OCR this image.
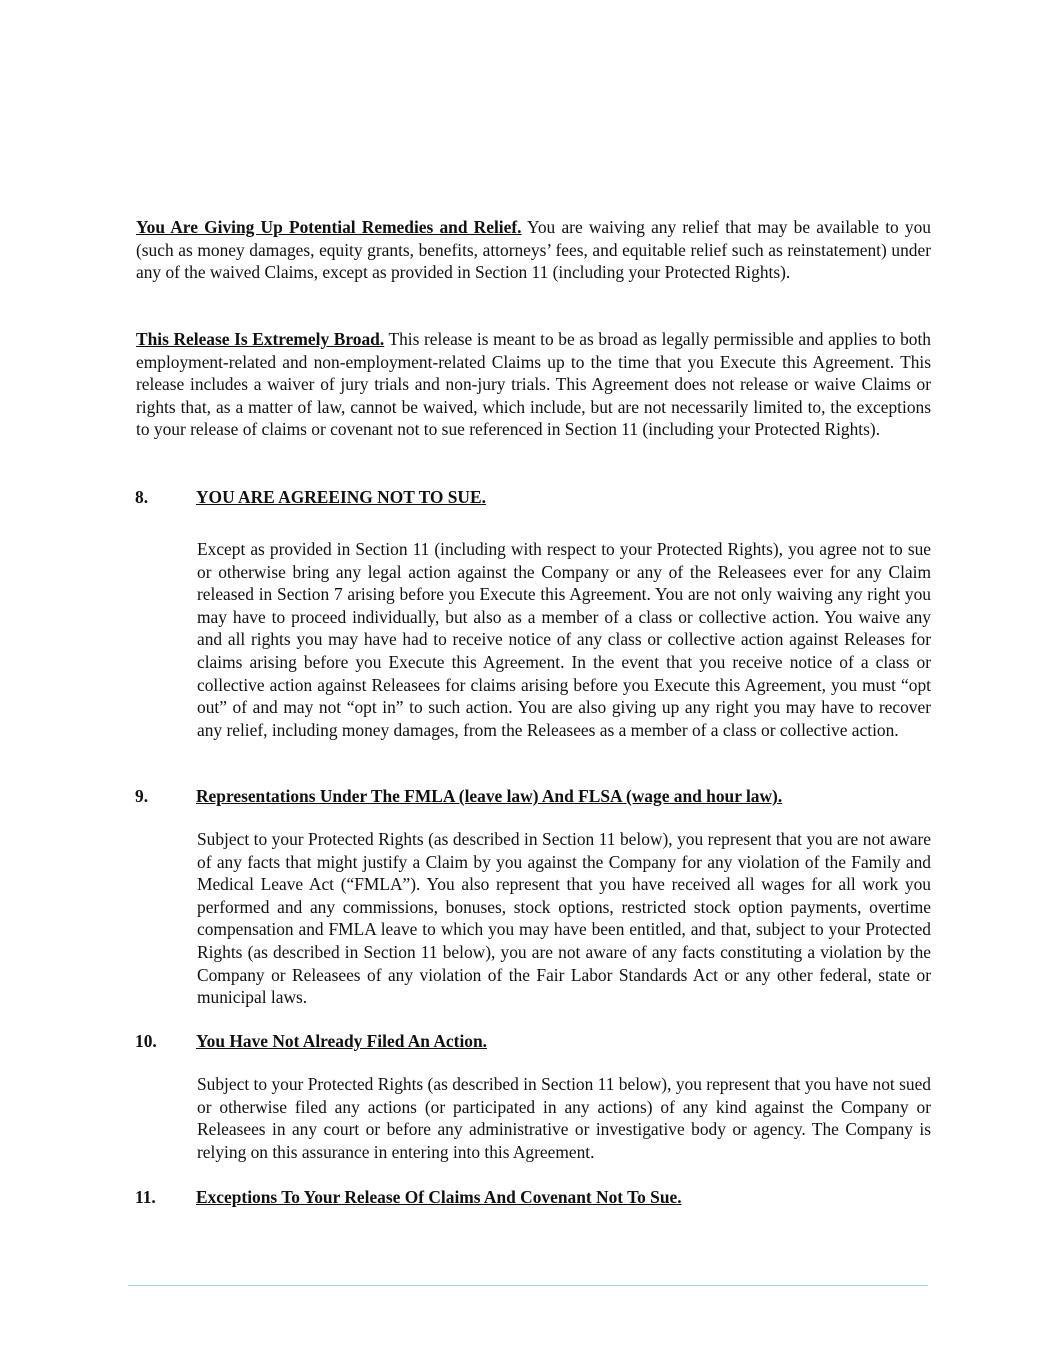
You Are Giving Up Potential Remedies and Relief. You are waiving any relief that may be available to you (such as money damages, equity grants, benefits, attorneys’ fees, and equitable relief such as reinstatement) under any of the waived Claims, except as provided in Section 11 (including your Protected Rights).

This Release Is Extremely Broad. This release is meant to be as broad as legally permissible and applies to both employment-related and non-employment-related Claims up to the time that you Execute this Agreement. This release includes a waiver of jury trials and non-jury trials. This Agreement does not release or waive Claims or rights that, as a matter of law, cannot be waived, which include, but are not necessarily limited to, the exceptions to your release of claims or covenant not to sue referenced in Section 11 (including your Protected Rights).

8.	YOU ARE AGREEING NOT TO SUE.

Except as provided in Section 11 (including with respect to your Protected Rights), you agree not to sue or otherwise bring any legal action against the Company or any of the Releasees ever for any Claim released in Section 7 arising before you Execute this Agreement. You are not only waiving any right you may have to proceed individually, but also as a member of a class or collective action. You waive any and all rights you may have had to receive notice of any class or collective action against Releases for claims arising before you Execute this Agreement. In the event that you receive notice of a class or collective action against Releasees for claims arising before you Execute this Agreement, you must “opt out” of and may not “opt in” to such action. You are also giving up any right you may have to recover any relief, including money damages, from the Releasees as a member of a class or collective action.

9.	Representations Under The FMLA (leave law) And FLSA (wage and hour law).

Subject to your Protected Rights (as described in Section 11 below), you represent that you are not aware of any facts that might justify a Claim by you against the Company for any violation of the Family and Medical Leave Act (“FMLA”). You also represent that you have received all wages for all work you performed and any commissions, bonuses, stock options, restricted stock option payments, overtime compensation and FMLA leave to which you may have been entitled, and that, subject to your Protected Rights (as described in Section 11 below), you are not aware of any facts constituting a violation by the Company or Releasees of any violation of the Fair Labor Standards Act or any other federal, state or municipal laws.

10. You Have Not Already Filed An Action.

Subject to your Protected Rights (as described in Section 11 below), you represent that you have not sued or otherwise filed any actions (or participated in any actions) of any kind against the Company or Releasees in any court or before any administrative or investigative body or agency. The Company is relying on this assurance in entering into this Agreement.

11. Exceptions To Your Release Of Claims And Covenant Not To Sue.
